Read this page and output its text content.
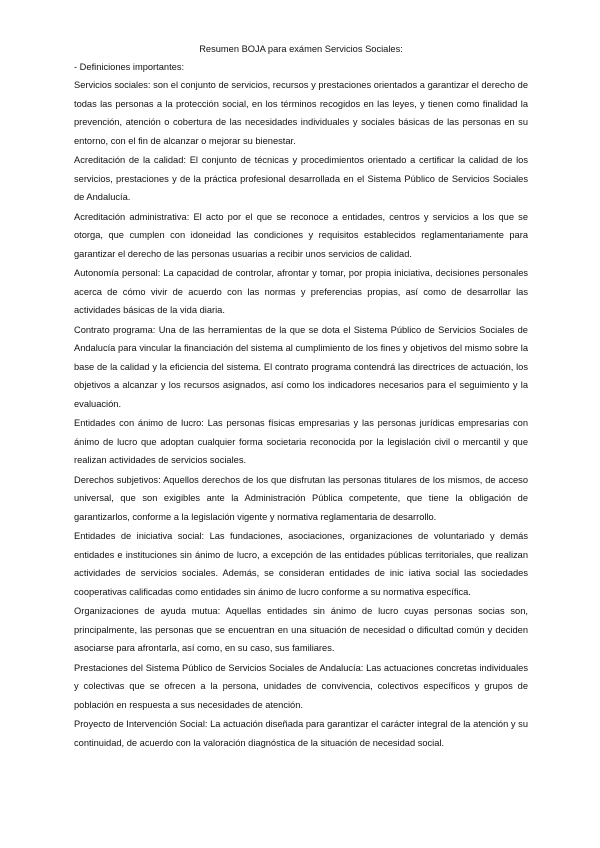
Resumen BOJA para exámen Servicios Sociales:

- Definiciones importantes:

Servicios sociales: son el conjunto de servicios, recursos y prestaciones orientados a garantizar el derecho de todas las personas a la protección social, en los términos recogidos en las leyes, y tienen como finalidad la prevención, atención o cobertura de las necesidades individuales y sociales básicas de las personas en su entorno, con el fin de alcanzar o mejorar su bienestar.

Acreditación de la calidad: El conjunto de técnicas y procedimientos orientado a certificar la calidad de los servicios, prestaciones y de la práctica profesional desarrollada en el Sistema Público de Servicios Sociales de Andalucía.

Acreditación administrativa: El acto por el que se reconoce a entidades, centros y servicios a los que se otorga, que cumplen con idoneidad las condiciones y requisitos establecidos reglamentariamente para garantizar el derecho de las personas usuarias a recibir unos servicios de calidad.

Autonomía personal: La capacidad de controlar, afrontar y tomar, por propia iniciativa, decisiones personales acerca de cómo vivir de acuerdo con las normas y preferencias propias, así como de desarrollar las actividades básicas de la vida diaria.

Contrato programa: Una de las herramientas de la que se dota el Sistema Público de Servicios Sociales de Andalucía para vincular la financiación del sistema al cumplimiento de los fines y objetivos del mismo sobre la base de la calidad y la eficiencia del sistema. El contrato programa contendrá las directrices de actuación, los objetivos a alcanzar y los recursos asignados, así como los indicadores necesarios para el seguimiento y la evaluación.

Entidades con ánimo de lucro: Las personas físicas empresarias y las personas jurídicas empresarias con ánimo de lucro que adoptan cualquier forma societaria reconocida por la legislación civil o mercantil y que realizan actividades de servicios sociales.

Derechos subjetivos: Aquellos derechos de los que disfrutan las personas titulares de los mismos, de acceso universal, que son exigibles ante la Administración Pública competente, que tiene la obligación de garantizarlos, conforme a la legislación vigente y normativa reglamentaria de desarrollo.

Entidades de iniciativa social: Las fundaciones, asociaciones, organizaciones de voluntariado y demás entidades e instituciones sin ánimo de lucro, a excepción de las entidades públicas territoriales, que realizan actividades de servicios sociales. Además, se consideran entidades de inic iativa social las sociedades cooperativas calificadas como entidades sin ánimo de lucro conforme a su normativa específica.

Organizaciones de ayuda mutua: Aquellas entidades sin ánimo de lucro cuyas personas socias son, principalmente, las personas que se encuentran en una situación de necesidad o dificultad común y deciden asociarse para afrontarla, así como, en su caso, sus familiares.

Prestaciones del Sistema Público de Servicios Sociales de Andalucía: Las actuaciones concretas individuales y colectivas que se ofrecen a la persona, unidades de convivencia, colectivos específicos y grupos de población en respuesta a sus necesidades de atención.

Proyecto de Intervención Social: La actuación diseñada para garantizar el carácter integral de la atención y su continuidad, de acuerdo con la valoración diagnóstica de la situación de necesidad social.
